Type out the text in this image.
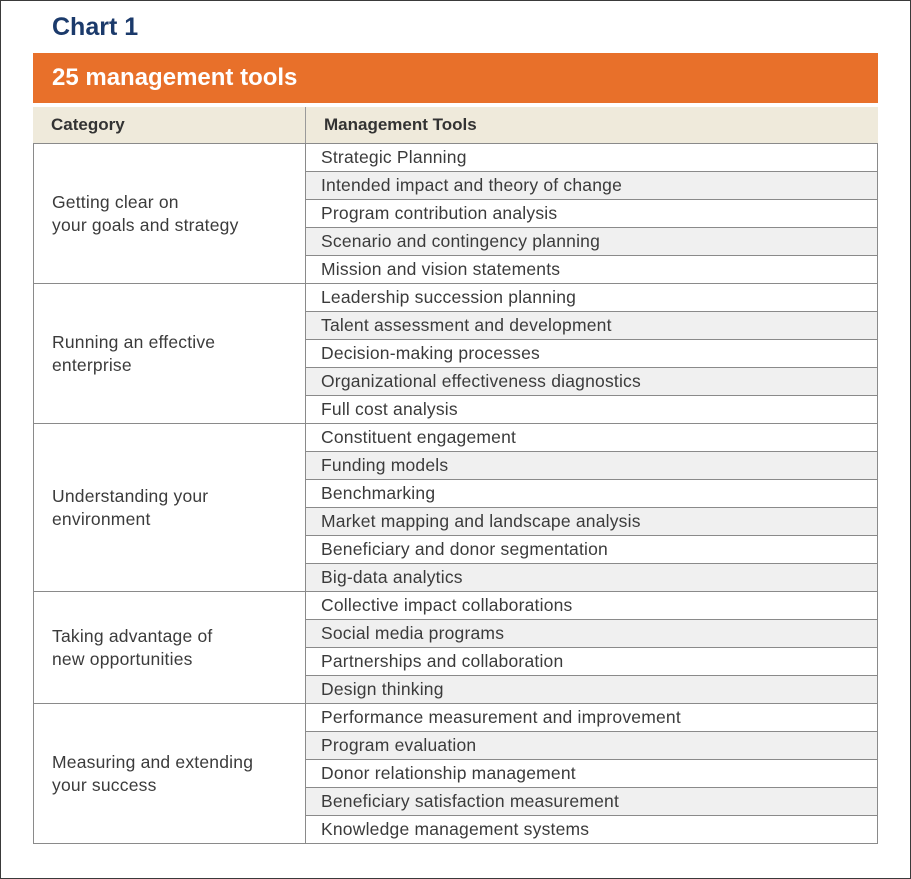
Chart 1
25 management tools
Category	Management Tools
Getting clear on
your goals and strategy
Strategic Planning
Intended impact and theory of change
Program contribution analysis
Scenario and contingency planning
Mission and vision statements
Running an effective
enterprise
Leadership succession planning
Talent assessment and development
Decision-making processes
Organizational effectiveness diagnostics
Full cost analysis
Understanding your
environment
Constituent engagement
Funding models
Benchmarking
Market mapping and landscape analysis
Beneficiary and donor segmentation
Big-data analytics
Taking advantage of
new opportunities
Collective impact collaborations
Social media programs
Partnerships and collaboration
Design thinking
Measuring and extending
your success
Performance measurement and improvement
Program evaluation
Donor relationship management
Beneficiary satisfaction measurement
Knowledge management systems
